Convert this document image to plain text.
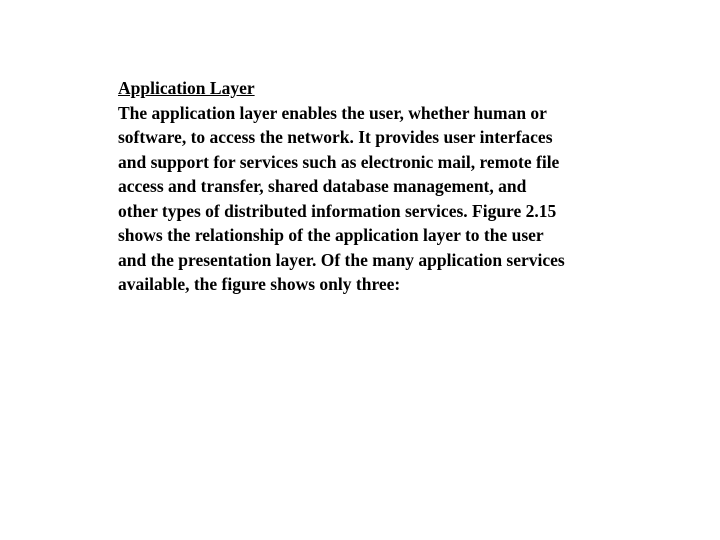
Application Layer
The application layer enables the user, whether human or
software, to access the network. It provides user interfaces
and support for services such as electronic mail, remote file
access and transfer, shared database management, and
other types of distributed information services. Figure 2.15
shows the relationship of the application layer to the user
and the presentation layer. Of the many application services
available, the figure shows only three:
